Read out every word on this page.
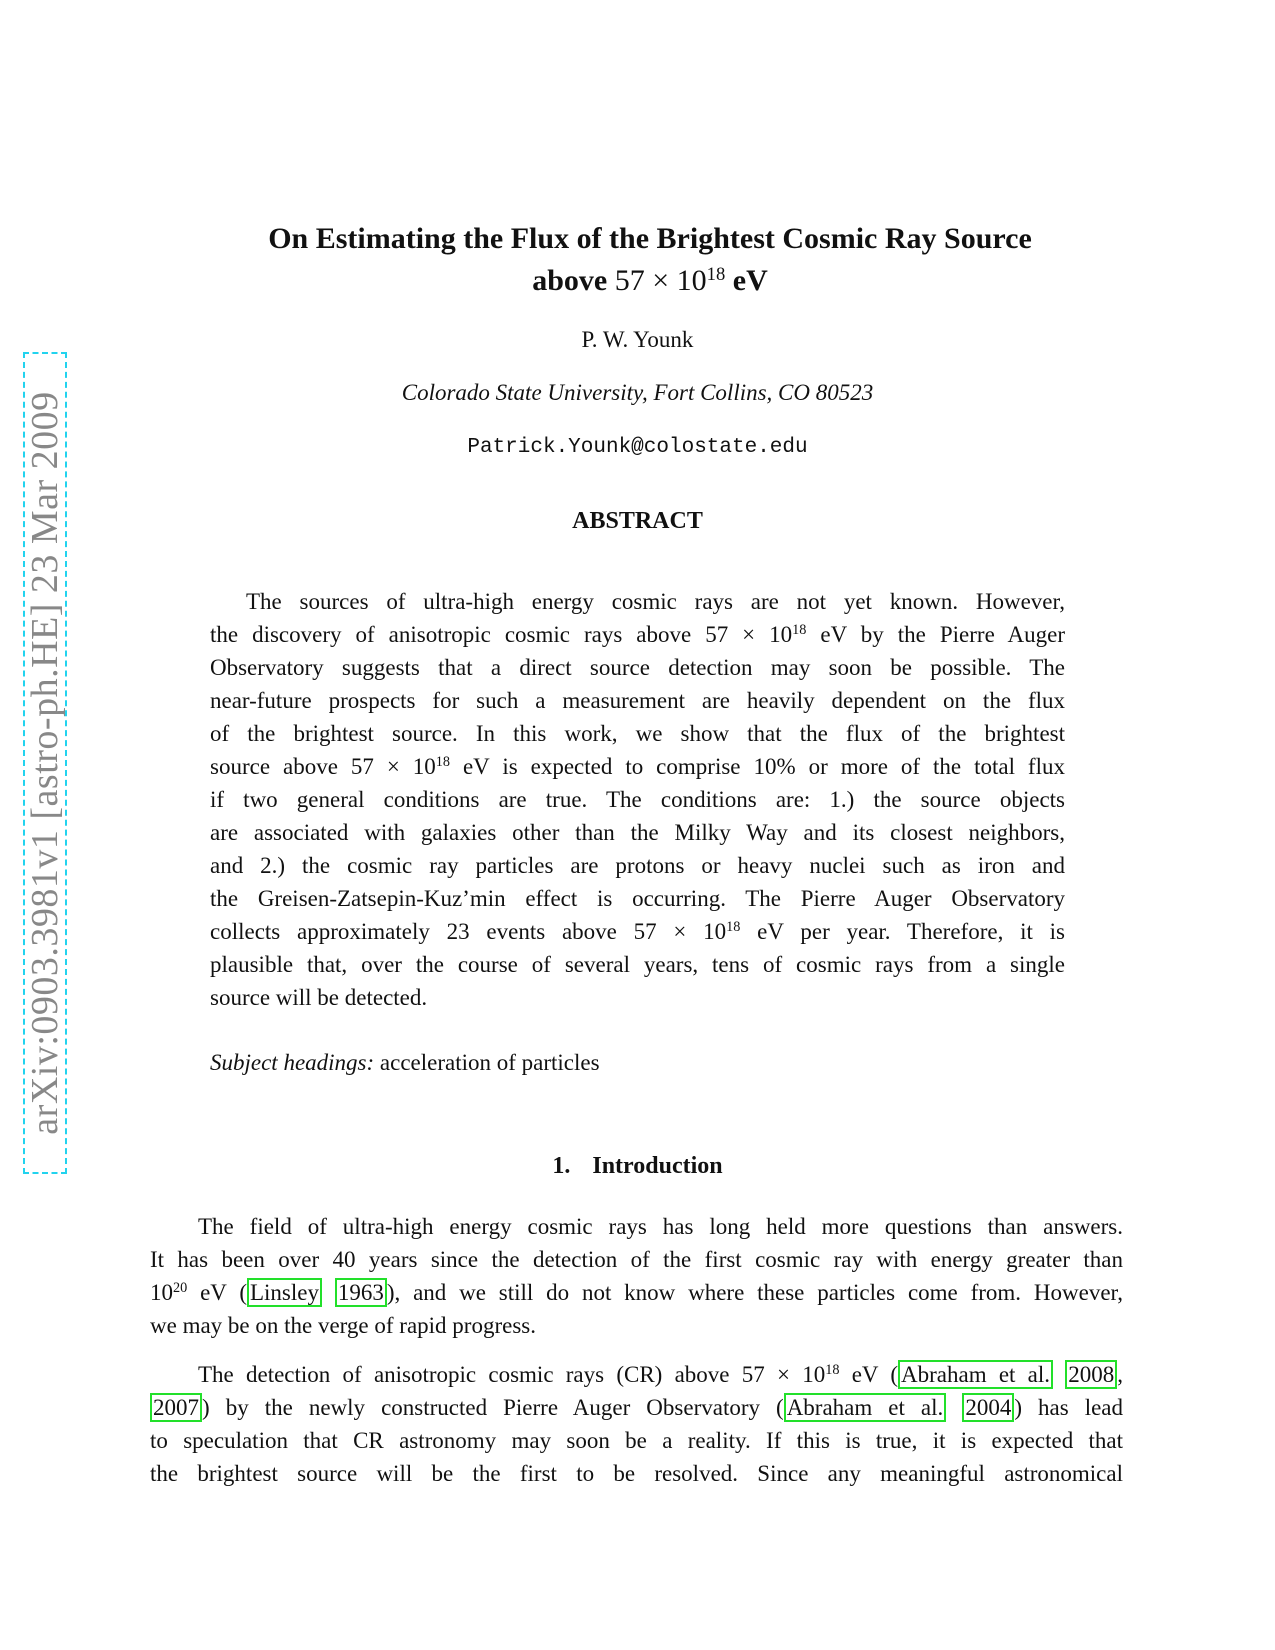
arXiv:0903.3981v1 [astro-ph.HE] 23 Mar 2009
On Estimating the Flux of the Brightest Cosmic Ray Source
above $57 \times 10^{18}$ eV
P. W. Younk
Colorado State University, Fort Collins, CO 80523
Patrick.Younk@colostate.edu
ABSTRACT
The sources of ultra-high energy cosmic rays are not yet known. However,
the discovery of anisotropic cosmic rays above $57 \times 10^{18}$ eV by the Pierre Auger
Observatory suggests that a direct source detection may soon be possible. The
near-future prospects for such a measurement are heavily dependent on the flux
of the brightest source. In this work, we show that the flux of the brightest
source above $57 \times 10^{18}$ eV is expected to comprise 10% or more of the total flux
if two general conditions are true. The conditions are: 1.) the source objects
are associated with galaxies other than the Milky Way and its closest neighbors,
and 2.) the cosmic ray particles are protons or heavy nuclei such as iron and
the Greisen-Zatsepin-Kuz’min effect is occurring. The Pierre Auger Observatory
collects approximately 23 events above $57 \times 10^{18}$ eV per year. Therefore, it is
plausible that, over the course of several years, tens of cosmic rays from a single
source will be detected.
Subject headings: acceleration of particles
1. Introduction
The field of ultra-high energy cosmic rays has long held more questions than answers.
It has been over 40 years since the detection of the first cosmic ray with energy greater than
$10^{20}$ eV ( Linsley 1963 ), and we still do not know where these particles come from. However,
we may be on the verge of rapid progress.
The detection of anisotropic cosmic rays (CR) above $57 \times 10^{18}$ eV ( Abraham et al. 2008 ,
2007 ) by the newly constructed Pierre Auger Observatory ( Abraham et al. 2004 ) has lead
to speculation that CR astronomy may soon be a reality. If this is true, it is expected that
the brightest source will be the first to be resolved. Since any meaningful astronomical
